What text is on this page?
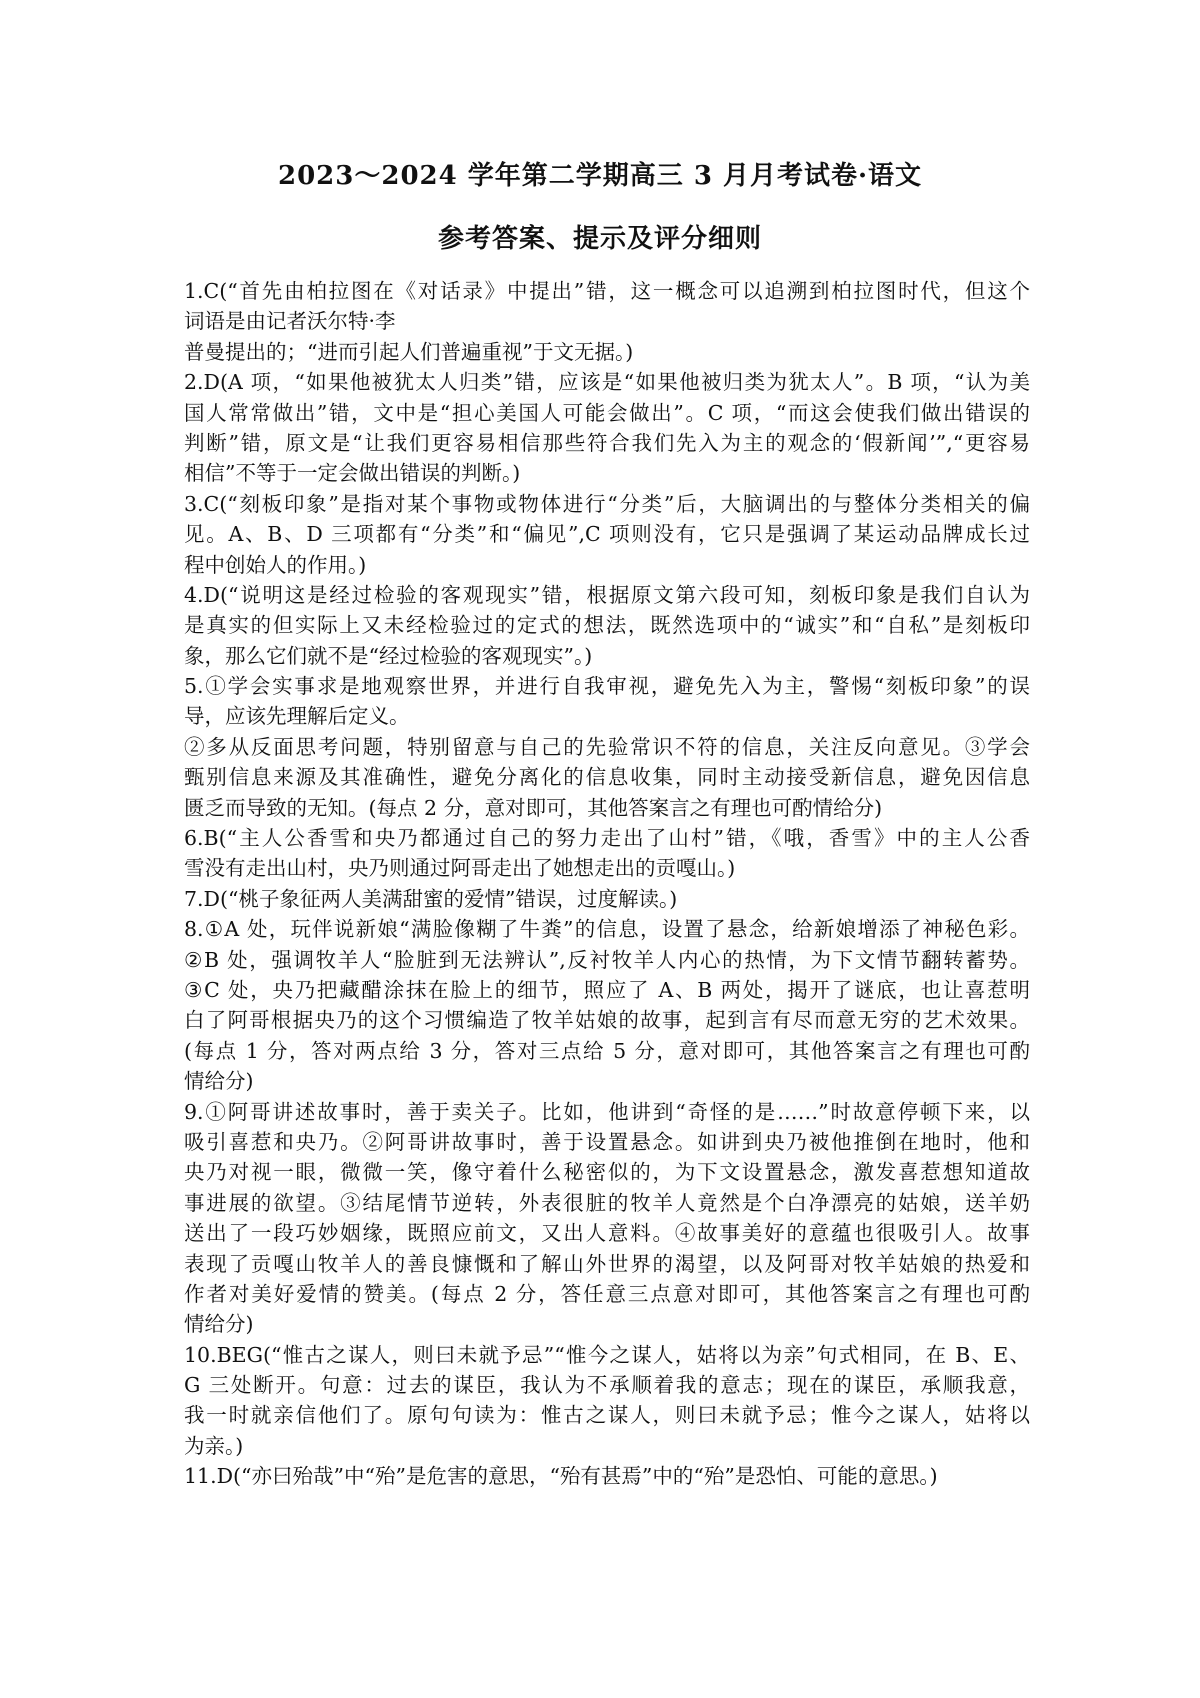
2023～2024 学年第二学期高三 3 月月考试卷·语文
参考答案、提示及评分细则
1.C(“首先由柏拉图在《对话录》中提出”错，这一概念可以追溯到柏拉图时代，但这个
词语是由记者沃尔特·李
普曼提出的；“进而引起人们普遍重视”于文无据。)
2.D(A 项，“如果他被犹太人归类”错，应该是“如果他被归类为犹太人”。B 项，“认为美
国人常常做出”错，文中是“担心美国人可能会做出”。C 项，“而这会使我们做出错误的
判断”错，原文是“让我们更容易相信那些符合我们先入为主的观念的‘假新闻’”,“更容易
相信”不等于一定会做出错误的判断。)
3.C(“刻板印象”是指对某个事物或物体进行“分类”后，大脑调出的与整体分类相关的偏
见。A、B、D 三项都有“分类”和“偏见”,C 项则没有，它只是强调了某运动品牌成长过
程中创始人的作用。)
4.D(“说明这是经过检验的客观现实”错，根据原文第六段可知，刻板印象是我们自认为
是真实的但实际上又未经检验过的定式的想法，既然选项中的“诚实”和“自私”是刻板印
象，那么它们就不是“经过检验的客观现实”。)
5.①学会实事求是地观察世界，并进行自我审视，避免先入为主，警惕“刻板印象”的误
导，应该先理解后定义。
②多从反面思考问题，特别留意与自己的先验常识不符的信息，关注反向意见。③学会
甄别信息来源及其准确性，避免分离化的信息收集，同时主动接受新信息，避免因信息
匮乏而导致的无知。(每点 2 分，意对即可，其他答案言之有理也可酌情给分)
6.B(“主人公香雪和央乃都通过自己的努力走出了山村”错，《哦，香雪》中的主人公香
雪没有走出山村，央乃则通过阿哥走出了她想走出的贡嘎山。)
7.D(“桃子象征两人美满甜蜜的爱情”错误，过度解读。)
8.①A 处，玩伴说新娘“满脸像糊了牛粪”的信息，设置了悬念，给新娘增添了神秘色彩。
②B 处，强调牧羊人“脸脏到无法辨认”,反衬牧羊人内心的热情，为下文情节翻转蓄势。
③C 处，央乃把藏醋涂抹在脸上的细节，照应了 A、B 两处，揭开了谜底，也让喜惹明
白了阿哥根据央乃的这个习惯编造了牧羊姑娘的故事，起到言有尽而意无穷的艺术效果。
(每点 1 分，答对两点给 3 分，答对三点给 5 分，意对即可，其他答案言之有理也可酌
情给分)
9.①阿哥讲述故事时，善于卖关子。比如，他讲到“奇怪的是……”时故意停顿下来，以
吸引喜惹和央乃。②阿哥讲故事时，善于设置悬念。如讲到央乃被他推倒在地时，他和
央乃对视一眼，微微一笑，像守着什么秘密似的，为下文设置悬念，激发喜惹想知道故
事进展的欲望。③结尾情节逆转，外表很脏的牧羊人竟然是个白净漂亮的姑娘，送羊奶
送出了一段巧妙姻缘，既照应前文，又出人意料。④故事美好的意蕴也很吸引人。故事
表现了贡嘎山牧羊人的善良慷慨和了解山外世界的渴望，以及阿哥对牧羊姑娘的热爱和
作者对美好爱情的赞美。(每点 2 分，答任意三点意对即可，其他答案言之有理也可酌
情给分)
10.BEG(“惟古之谋人，则曰未就予忌”“惟今之谋人，姑将以为亲”句式相同，在 B、E、
G 三处断开。句意：过去的谋臣，我认为不承顺着我的意志；现在的谋臣，承顺我意，
我一时就亲信他们了。原句句读为：惟古之谋人，则曰未就予忌；惟今之谋人，姑将以
为亲。)
11.D(“亦曰殆哉”中“殆”是危害的意思，“殆有甚焉”中的“殆”是恐怕、可能的意思。)
